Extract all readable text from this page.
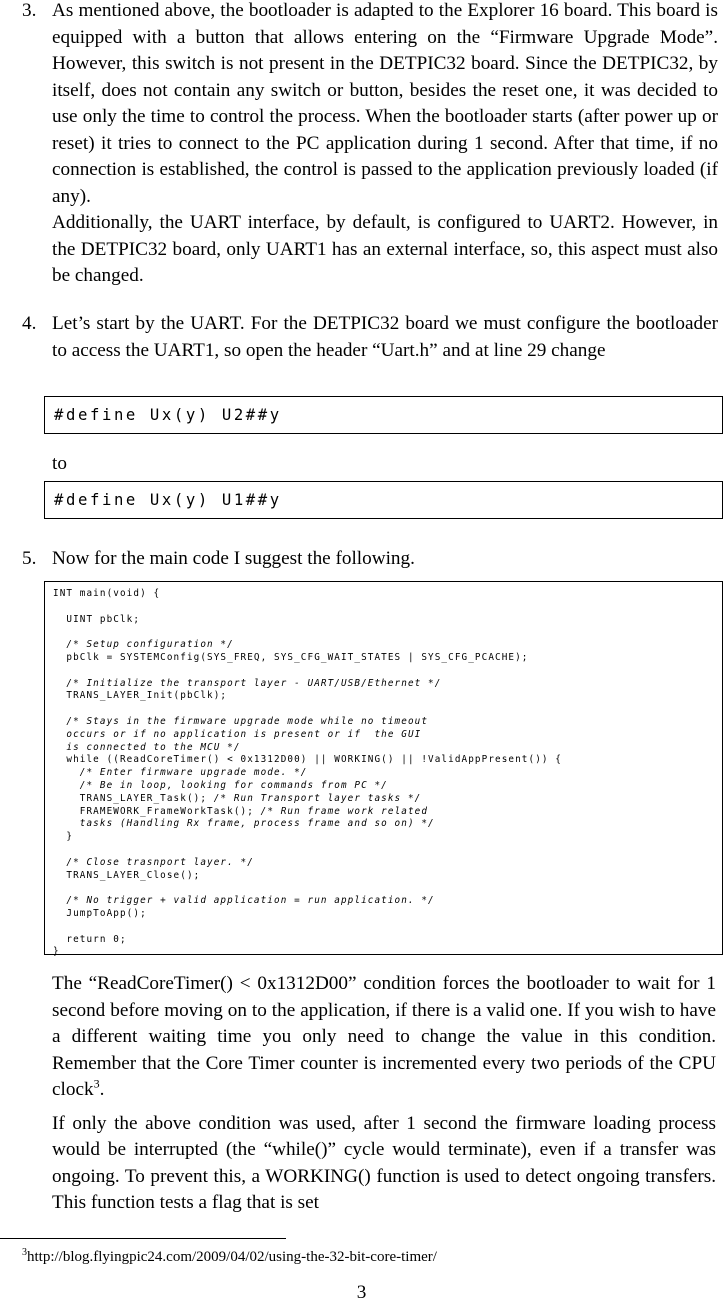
3. As mentioned above, the bootloader is adapted to the Explorer 16 board. This board is equipped with a button that allows entering on the “Firmware Upgrade Mode”. However, this switch is not present in the DETPIC32 board. Since the DETPIC32, by itself, does not contain any switch or button, besides the reset one, it was decided to use only the time to control the process. When the bootloader starts (after power up or reset) it tries to connect to the PC application during 1 second. After that time, if no connection is established, the control is passed to the application previously loaded (if any).

Additionally, the UART interface, by default, is configured to UART2. However, in the DETPIC32 board, only UART1 has an external interface, so, this aspect must also be changed.

4. Let’s start by the UART. For the DETPIC32 board we must configure the bootloader to access the UART1, so open the header “Uart.h” and at line 29 change

#define Ux(y) U2##y
to
#define Ux(y) U1##y
5. Now for the main code I suggest the following.

INT main(void) {
UINT pbClk;
/* Setup configuration */
pbClk = SYSTEMConfig(SYS_FREQ, SYS_CFG_WAIT_STATES | SYS_CFG_PCACHE);
/* Initialize the transport layer - UART/USB/Ethernet */
TRANS_LAYER_Init(pbClk);
/* Stays in the firmware upgrade mode while no timeout
occurs or if no application is present or if  the GUI
is connected to the MCU */
while ((ReadCoreTimer() < 0x1312D00) || WORKING() || !ValidAppPresent()) {
/* Enter firmware upgrade mode. */
/* Be in loop, looking for commands from PC */
TRANS_LAYER_Task(); /* Run Transport layer tasks */
FRAMEWORK_FrameWorkTask(); /* Run frame work related
tasks (Handling Rx frame, process frame and so on) */
}
/* Close trasnport layer. */
TRANS_LAYER_Close();
/* No trigger + valid application = run application. */
JumpToApp();
return 0;
}

The “ReadCoreTimer() < 0x1312D00” condition forces the bootloader to wait for 1 second before moving on to the application, if there is a valid one. If you wish to have a different waiting time you only need to change the value in this condition. Remember that the Core Timer counter is incremented every two periods of the CPU clock$^3$.

If only the above condition was used, after 1 second the firmware loading process would be interrupted (the “while()” cycle would terminate), even if a transfer was ongoing. To prevent this, a WORKING() function is used to detect ongoing transfers. This function tests a flag that is set

$^3$http://blog.flyingpic24.com/2009/04/02/using-the-32-bit-core-timer/
3
